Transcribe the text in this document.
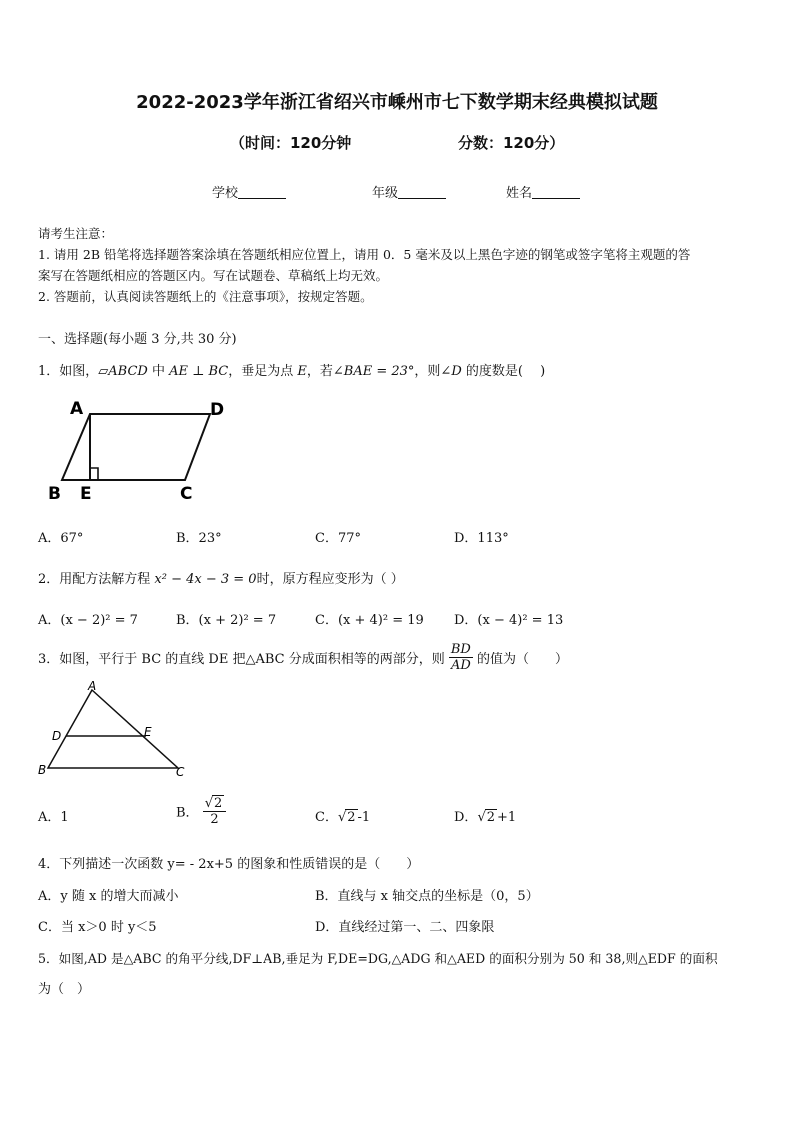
2022-2023学年浙江省绍兴市嵊州市七下数学期末经典模拟试题
（时间：120分钟	分数：120分）
学校	年级	姓名
请考生注意：
1. 请用 2B 铅笔将选择题答案涂填在答题纸相应位置上，请用 0．5 毫米及以上黑色字迹的钢笔或签字笔将主观题的答
案写在答题纸相应的答题区内。写在试题卷、草稿纸上均无效。
2. 答题前，认真阅读答题纸上的《注意事项》，按规定答题。
一、选择题(每小题 3 分,共 30 分)
1．如图，▱ABCD 中 AE ⊥ BC，垂足为点 E，若∠BAE = 23°，则∠D 的度数是(　 )
A	D
B E	C
A．67°	B．23°	C．77°	D．113°
2．用配方法解方程 x² − 4x − 3 = 0时，原方程应变形为（ ）
A．(x − 2)² = 7	B．(x + 2)² = 7	C．(x + 4)² = 19 D．(x − 4)² = 13
3．如图，平行于 BC 的直线 DE 把△ABC 分成面积相等的两部分，则 $\frac{BD}{AD}$ 的值为（　　）
A
D	E
B	C
A．1	B． $\frac{√2}{2}$	C．√2 -1	D．√2 +1
4．下列描述一次函数 y= - 2x+5 的图象和性质错误的是（　　）
A．y 随 x 的增大而减小	B．直线与 x 轴交点的坐标是（0，5）
C．当 x＞0 时 y＜5	D．直线经过第一、二、四象限
5．如图,AD 是△ABC 的角平分线,DF⊥AB,垂足为 F,DE=DG,△ADG 和△AED 的面积分别为 50 和 38,则△EDF 的面积
为（　）
